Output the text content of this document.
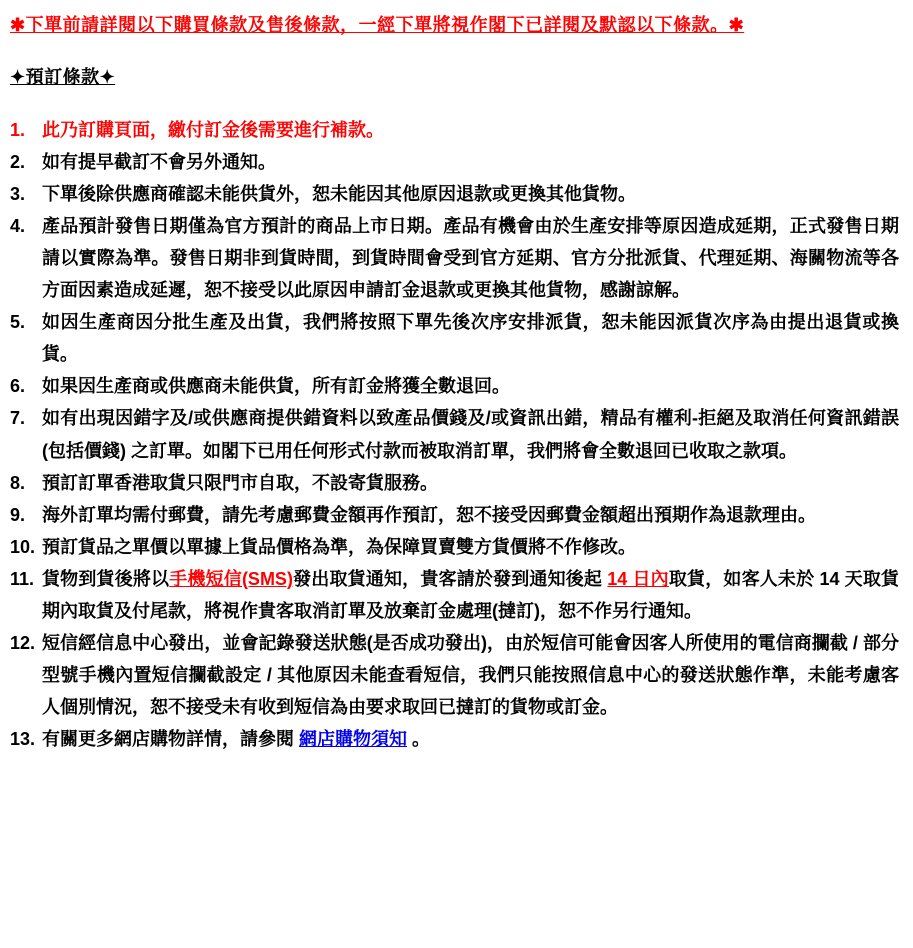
✱下單前請詳閱以下購買條款及售後條款，一經下單將視作閣下已詳閱及默認以下條款。✱
✦預訂條款✦
1. 此乃訂購頁面，繳付訂金後需要進行補款。
2. 如有提早截訂不會另外通知。
3. 下單後除供應商確認未能供貨外，恕未能因其他原因退款或更換其他貨物。
4. 產品預計發售日期僅為官方預計的商品上市日期。產品有機會由於生產安排等原因造成延期，正式發售日期請以實際為準。發售日期非到貨時間，到貨時間會受到官方延期、官方分批派貨、代理延期、海關物流等各方面因素造成延遲，恕不接受以此原因申請訂金退款或更換其他貨物，感謝諒解。
5. 如因生產商因分批生產及出貨，我們將按照下單先後次序安排派貨，恕未能因派貨次序為由提出退貨或換貨。
6. 如果因生產商或供應商未能供貨，所有訂金將獲全數退回。
7. 如有出現因錯字及/或供應商提供錯資料以致產品價錢及/或資訊出錯，精品有權利-拒絕及取消任何資訊錯誤(包括價錢) 之訂單。如閣下已用任何形式付款而被取消訂單，我們將會全數退回已收取之款項。
8. 預訂訂單香港取貨只限門市自取，不設寄貨服務。
9. 海外訂單均需付郵費，請先考慮郵費金額再作預訂，恕不接受因郵費金額超出預期作為退款理由。
10. 預訂貨品之單價以單據上貨品價格為準，為保障買賣雙方貨價將不作修改。
11. 貨物到貨後將以手機短信(SMS)發出取貨通知，貴客請於發到通知後起 14 日內取貨，如客人未於 14 天取貨期內取貨及付尾款，將視作貴客取消訂單及放棄訂金處理(撻訂)，恕不作另行通知。
12. 短信經信息中心發出，並會記錄發送狀態(是否成功發出)，由於短信可能會因客人所使用的電信商攔截 / 部分型號手機內置短信攔截設定 / 其他原因未能查看短信，我們只能按照信息中心的發送狀態作準，未能考慮客人個別情況，恕不接受未有收到短信為由要求取回已撻訂的貨物或訂金。
13. 有關更多網店購物詳情，請參閱 網店購物須知 。
